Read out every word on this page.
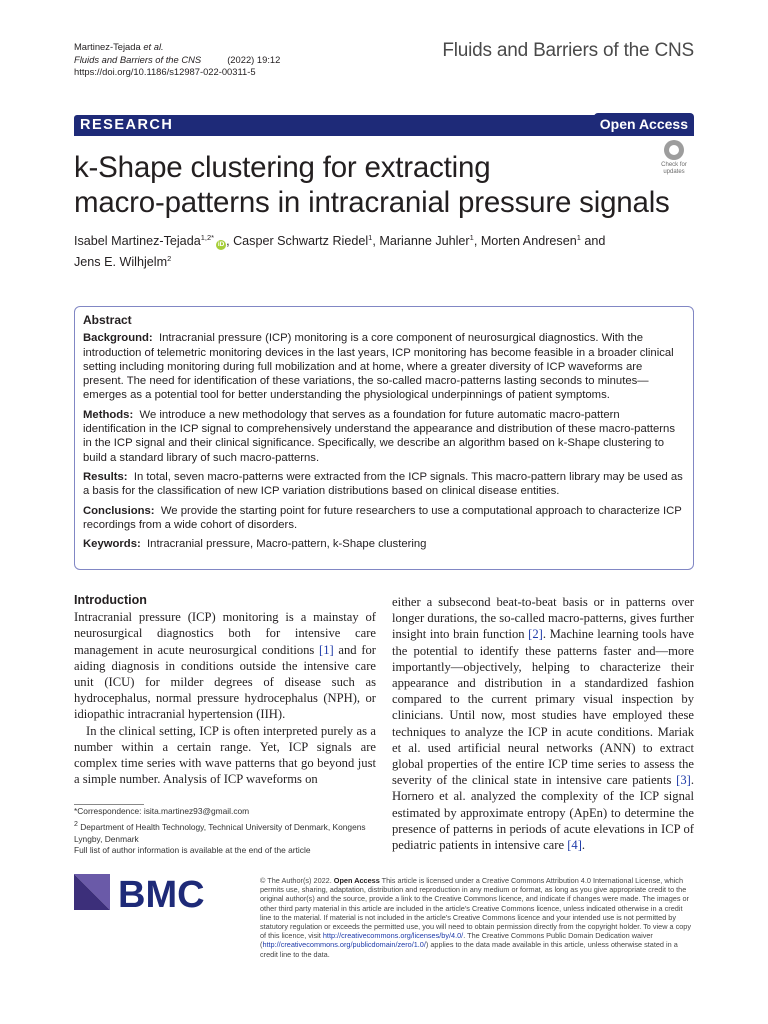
Martinez-Tejada et al.
Fluids and Barriers of the CNS	(2022) 19:12
https://doi.org/10.1186/s12987-022-00311-5
Fluids and Barriers of the CNS
RESEARCH	Open Access
k-Shape clustering for extracting
macro-patterns in intracranial pressure signals
Check for
updates
Isabel Martinez-Tejada$^{1,2*}$iD , Casper Schwartz Riedel$^1$, Marianne Juhler$^1$, Morten Andresen$^1$ and
Jens E. Wilhjelm$^2$
Abstract

Background: Intracranial pressure (ICP) monitoring is a core component of neurosurgical diagnostics. With the introduction of telemetric monitoring devices in the last years, ICP monitoring has become feasible in a broader clinical setting including monitoring during full mobilization and at home, where a greater diversity of ICP waveforms are present. The need for identification of these variations, the so-called macro-patterns lasting seconds to minutes—emerges as a potential tool for better understanding the physiological underpinnings of patient symptoms.

Methods: We introduce a new methodology that serves as a foundation for future automatic macro-pattern identification in the ICP signal to comprehensively understand the appearance and distribution of these macro-patterns in the ICP signal and their clinical significance. Specifically, we describe an algorithm based on k-Shape clustering to build a standard library of such macro-patterns.

Results: In total, seven macro-patterns were extracted from the ICP signals. This macro-pattern library may be used as a basis for the classification of new ICP variation distributions based on clinical disease entities.

Conclusions: We provide the starting point for future researchers to use a computational approach to characterize ICP recordings from a wide cohort of disorders.

Keywords: Intracranial pressure, Macro-pattern, k-Shape clustering

Introduction

Intracranial pressure (ICP) monitoring is a mainstay of neurosurgical diagnostics both for intensive care management in acute neurosurgical conditions [1] and for aiding diagnosis in conditions outside the intensive care unit (ICU) for milder degrees of disease such as hydrocephalus, normal pressure hydrocephalus (NPH), or idiopathic intracranial hypertension (IIH).

In the clinical setting, ICP is often interpreted purely as a number within a certain range. Yet, ICP signals are complex time series with wave patterns that go beyond just a simple number. Analysis of ICP waveforms on

either a subsecond beat-to-beat basis or in patterns over longer durations, the so-called macro-patterns, gives further insight into brain function [2]. Machine learning tools have the potential to identify these patterns faster and—more importantly—objectively, helping to characterize their appearance and distribution in a standardized fashion compared to the current primary visual inspection by clinicians. Until now, most studies have employed these techniques to analyze the ICP in acute conditions. Mariak et al. used artificial neural networks (ANN) to extract global properties of the entire ICP time series to assess the severity of the clinical state in intensive care patients [3]. Hornero et al. analyzed the complexity of the ICP signal estimated by approximate entropy (ApEn) to determine the presence of patterns in periods of acute elevations in ICP of pediatric patients in intensive care [4].

*Correspondence: isita.martinez93@gmail.com

$^2$ Department of Health Technology, Technical University of Denmark, Kongens Lyngby, Denmark

Full list of author information is available at the end of the article

BMC	© The Author(s) 2022. Open Access This article is licensed under a Creative Commons Attribution 4.0 International License, which permits use, sharing, adaptation, distribution and reproduction in any medium or format, as long as you give appropriate credit to the original author(s) and the source, provide a link to the Creative Commons licence, and indicate if changes were made. The images or other third party material in this article are included in the article’s Creative Commons licence, unless indicated otherwise in a credit line to the material. If material is not included in the article’s Creative Commons licence and your intended use is not permitted by statutory regulation or exceeds the permitted use, you will need to obtain permission directly from the copyright holder. To view a copy of this licence, visit http://creativecommons.org/licenses/by/4.0/. The Creative Commons Public Domain Dedication waiver (http://creativecommons.org/publicdomain/zero/1.0/) applies to the data made available in this article, unless otherwise stated in a credit line to the data.
